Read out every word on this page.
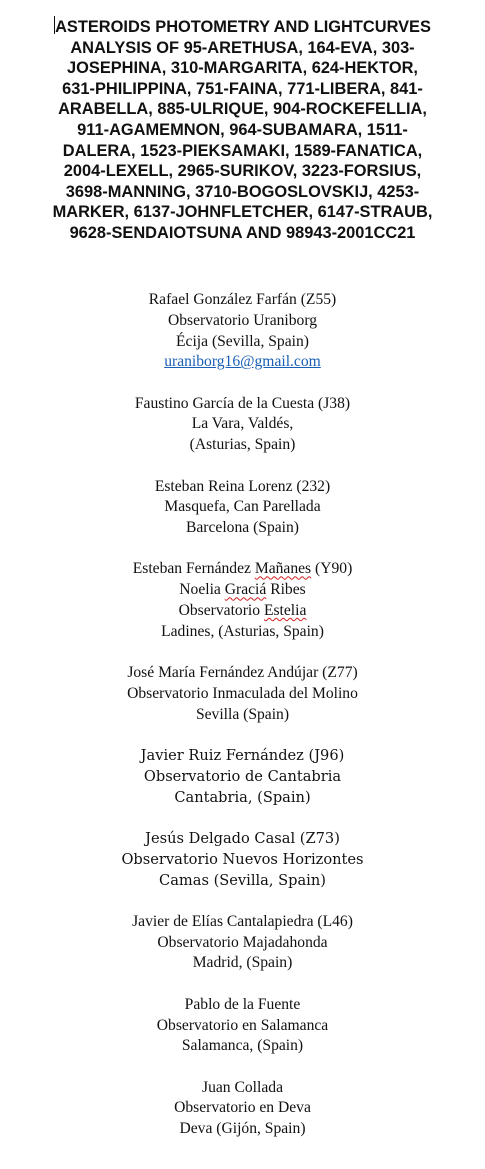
ASTEROIDS PHOTOMETRY AND LIGHTCURVES
ANALYSIS OF 95-ARETHUSA, 164-EVA, 303-
JOSEPHINA, 310-MARGARITA, 624-HEKTOR,
631-PHILIPPINA, 751-FAINA, 771-LIBERA, 841-
ARABELLA, 885-ULRIQUE, 904-ROCKEFELLIA,
911-AGAMEMNON, 964-SUBAMARA, 1511-
DALERA, 1523-PIEKSAMAKI, 1589-FANATICA,
2004-LEXELL, 2965-SURIKOV, 3223-FORSIUS,
3698-MANNING, 3710-BOGOSLOVSKIJ, 4253-
MARKER, 6137-JOHNFLETCHER, 6147-STRAUB,
9628-SENDAIOTSUNA AND 98943-2001CC21
Rafael González Farfán (Z55)
Observatorio Uraniborg
Écija (Sevilla, Spain)
uraniborg16@gmail.com
Faustino García de la Cuesta (J38)
La Vara, Valdés,
(Asturias, Spain)
Esteban Reina Lorenz (232)
Masquefa, Can Parellada
Barcelona (Spain)
Esteban Fernández Mañanes (Y90)
Noelia Graciá Ribes
Observatorio Estelia
Ladines, (Asturias, Spain)
José María Fernández Andújar (Z77)
Observatorio Inmaculada del Molino
Sevilla (Spain)
Javier Ruiz Fernández (J96)
Observatorio de Cantabria
Cantabria, (Spain)
Jesús Delgado Casal (Z73)
Observatorio Nuevos Horizontes
Camas (Sevilla, Spain)
Javier de Elías Cantalapiedra (L46)
Observatorio Majadahonda
Madrid, (Spain)
Pablo de la Fuente
Observatorio en Salamanca
Salamanca, (Spain)
Juan Collada
Observatorio en Deva
Deva (Gijón, Spain)
